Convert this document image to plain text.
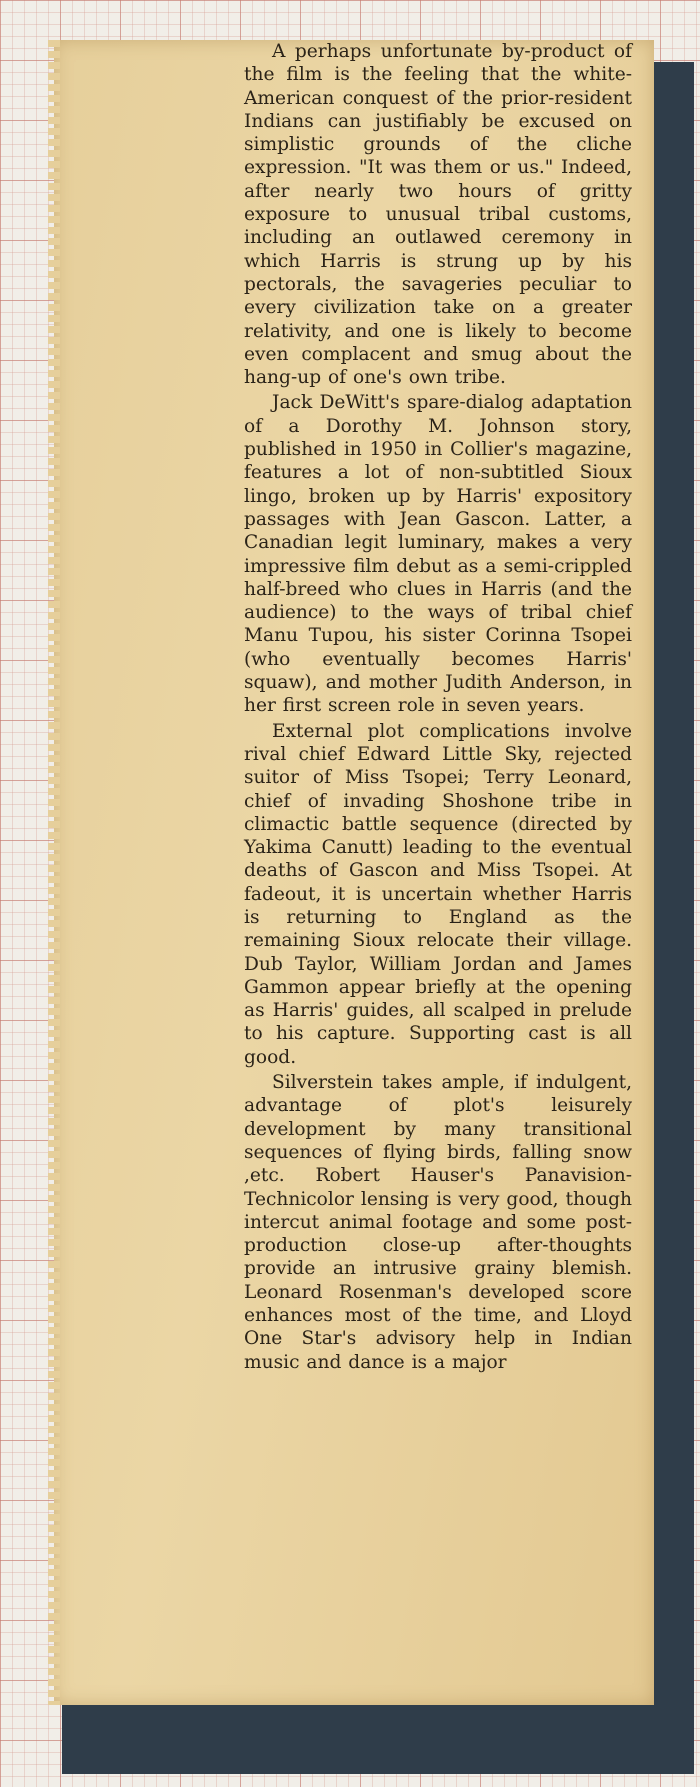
A perhaps unfortunate by-product of the film is the feeling that the white-American conquest of the prior-resident Indians can justifiably be excused on simplistic grounds of the cliche expression. "It was them or us." Indeed, after nearly two hours of gritty exposure to unusual tribal customs, including an outlawed ceremony in which Harris is strung up by his pectorals, the savageries peculiar to every civilization take on a greater relativity, and one is likely to become even complacent and smug about the hang-up of one's own tribe.

Jack DeWitt's spare-dialog adaptation of a Dorothy M. Johnson story, published in 1950 in Collier's magazine, features a lot of non-subtitled Sioux lingo, broken up by Harris' expository passages with Jean Gascon. Latter, a Canadian legit luminary, makes a very impressive film debut as a semi-crippled half-breed who clues in Harris (and the audience) to the ways of tribal chief Manu Tupou, his sister Corinna Tsopei (who eventually becomes Harris' squaw), and mother Judith Anderson, in her first screen role in seven years.

External plot complications involve rival chief Edward Little Sky, rejected suitor of Miss Tsopei; Terry Leonard, chief of invading Shoshone tribe in climactic battle sequence (directed by Yakima Canutt) leading to the eventual deaths of Gascon and Miss Tsopei. At fadeout, it is uncertain whether Harris is returning to England as the remaining Sioux relocate their village. Dub Taylor, William Jordan and James Gammon appear briefly at the opening as Harris' guides, all scalped in prelude to his capture. Supporting cast is all good.

Silverstein takes ample, if indulgent, advantage of plot's leisurely development by many transitional sequences of flying birds, falling snow ,etc. Robert Hauser's Panavision-Technicolor lensing is very good, though intercut animal footage and some post-production close-up after-thoughts provide an intrusive grainy blemish. Leonard Rosenman's developed score enhances most of the time, and Lloyd One Star's advisory help in Indian music and dance is a major
